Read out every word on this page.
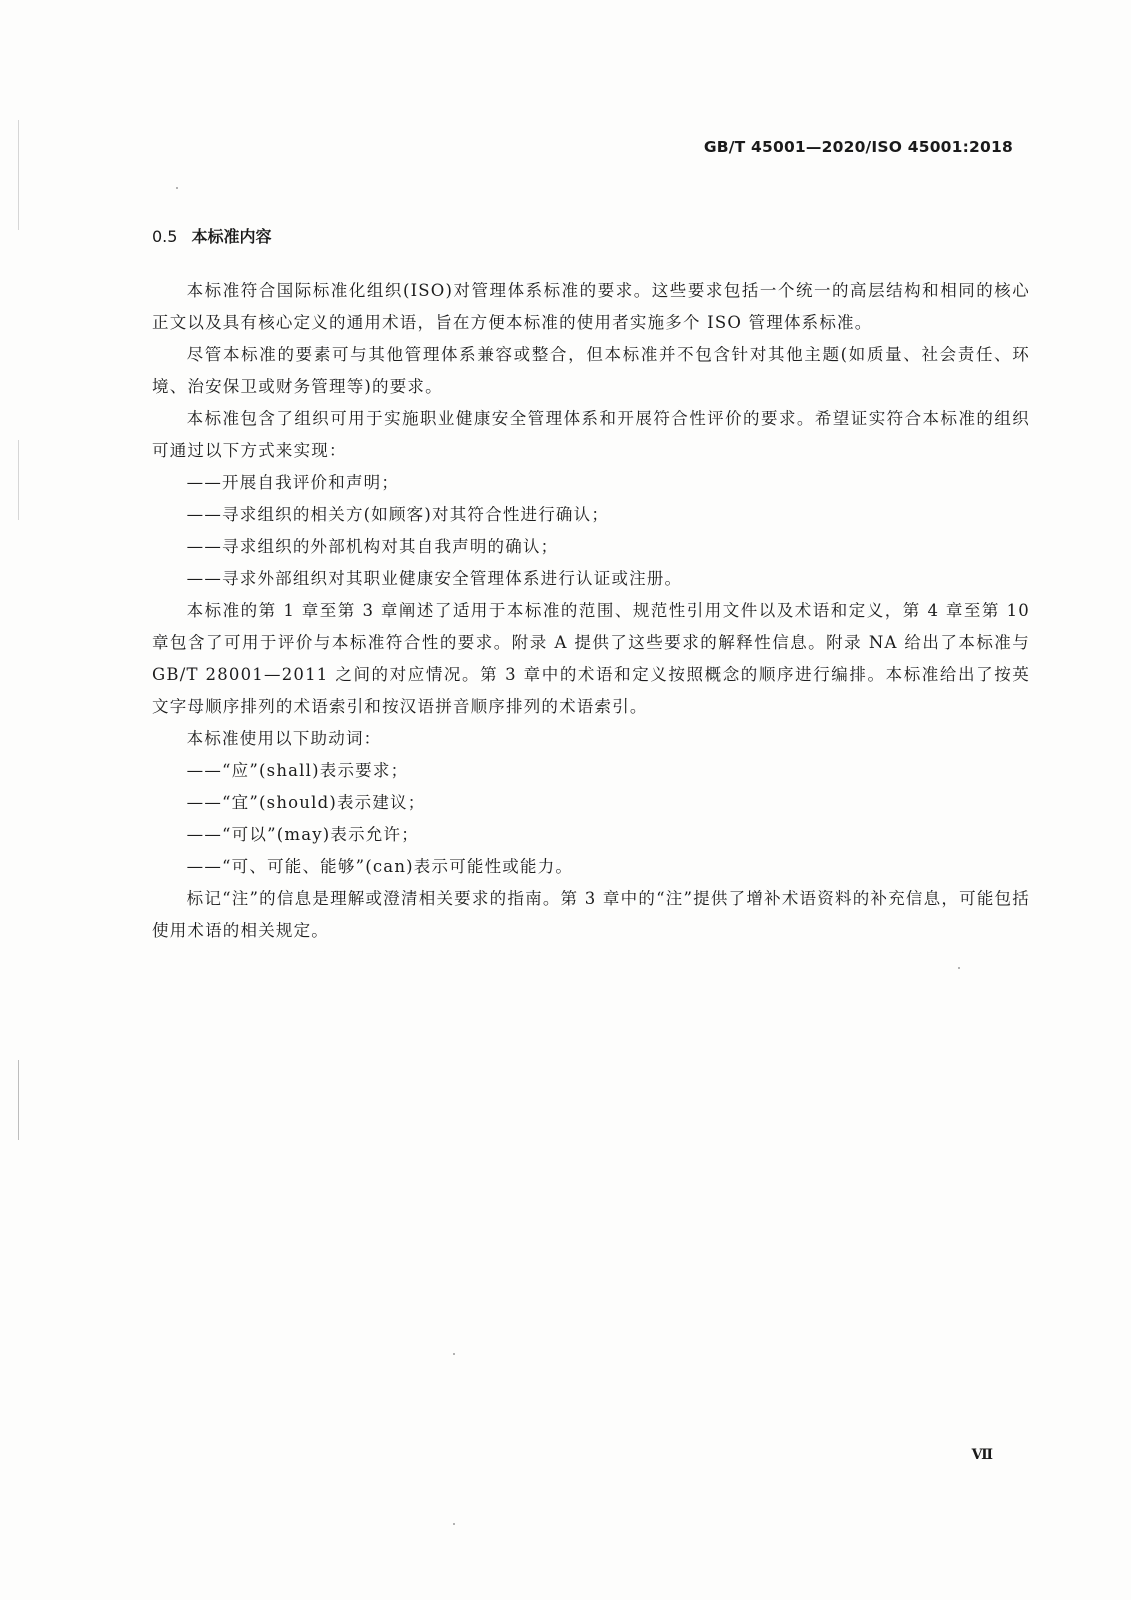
GB/T 45001—2020/ISO 45001:2018
0.5 本标准内容

本标准符合国际标准化组织(ISO)对管理体系标准的要求。这些要求包括一个统一的高层结构和相同的核心正文以及具有核心定义的通用术语，旨在方便本标准的使用者实施多个 ISO 管理体系标准。

尽管本标准的要素可与其他管理体系兼容或整合，但本标准并不包含针对其他主题(如质量、社会责任、环境、治安保卫或财务管理等)的要求。

本标准包含了组织可用于实施职业健康安全管理体系和开展符合性评价的要求。希望证实符合本标准的组织可通过以下方式来实现：

——开展自我评价和声明；

——寻求组织的相关方(如顾客)对其符合性进行确认；

——寻求组织的外部机构对其自我声明的确认；

——寻求外部组织对其职业健康安全管理体系进行认证或注册。

本标准的第 1 章至第 3 章阐述了适用于本标准的范围、规范性引用文件以及术语和定义，第 4 章至第 10 章包含了可用于评价与本标准符合性的要求。附录 A 提供了这些要求的解释性信息。附录 NA 给出了本标准与 GB/T 28001—2011 之间的对应情况。第 3 章中的术语和定义按照概念的顺序进行编排。本标准给出了按英文字母顺序排列的术语索引和按汉语拼音顺序排列的术语索引。

本标准使用以下助动词：

——“应”(shall)表示要求；

——“宜”(should)表示建议；

——“可以”(may)表示允许；

——“可、可能、能够”(can)表示可能性或能力。

标记“注”的信息是理解或澄清相关要求的指南。第 3 章中的“注”提供了增补术语资料的补充信息，可能包括使用术语的相关规定。

Ⅶ
